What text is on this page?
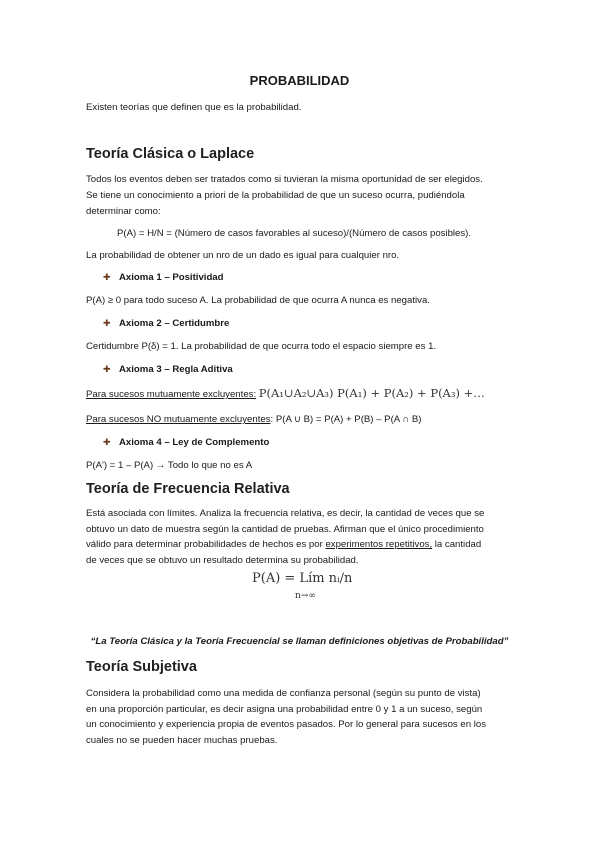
PROBABILIDAD
Existen teorías que definen que es la probabilidad.
Teoría Clásica o Laplace
Todos los eventos deben ser tratados como si tuvieran la misma oportunidad de ser elegidos.
Se tiene un conocimiento a priori de la probabilidad de que un suceso ocurra, pudiéndola
determinar como:
P(A) = H/N = (Número de casos favorables al suceso)/(Número de casos posibles).
La probabilidad de obtener un nro de un dado es igual para cualquier nro.
✚ Axioma 1 – Positividad
P(A) ≥ 0 para todo suceso A. La probabilidad de que ocurra A nunca es negativa.
✚ Axioma 2 – Certidumbre
Certidumbre P(δ) = 1. La probabilidad de que ocurra todo el espacio siempre es 1.
✚ Axioma 3 – Regla Aditiva
Para sucesos mutuamente excluyentes: P(A₁∪A₂∪A₃) P(A₁) + P(A₂) + P(A₃) +…
Para sucesos NO mutuamente excluyentes: P(A ∪ B) = P(A) + P(B) – P(A ∩ B)
✚ Axioma 4 – Ley de Complemento
P(A') = 1 – P(A) → Todo lo que no es A
Teoría de Frecuencia Relativa
Está asociada con límites. Analiza la frecuencia relativa, es decir, la cantidad de veces que se
obtuvo un dato de muestra según la cantidad de pruebas. Afirman que el único procedimiento
válido para determinar probabilidades de hechos es por experimentos repetitivos, la cantidad
de veces que se obtuvo un resultado determina su probabilidad.
P(A) = Lím nᵢ/n
n→∞
“La Teoría Clásica y la Teoría Frecuencial se llaman definiciones objetivas de Probabilidad”
Teoría Subjetiva
Considera la probabilidad como una medida de confianza personal (según su punto de vista)
en una proporción particular, es decir asigna una probabilidad entre 0 y 1 a un suceso, según
un conocimiento y experiencia propia de eventos pasados. Por lo general para sucesos en los
cuales no se pueden hacer muchas pruebas.
